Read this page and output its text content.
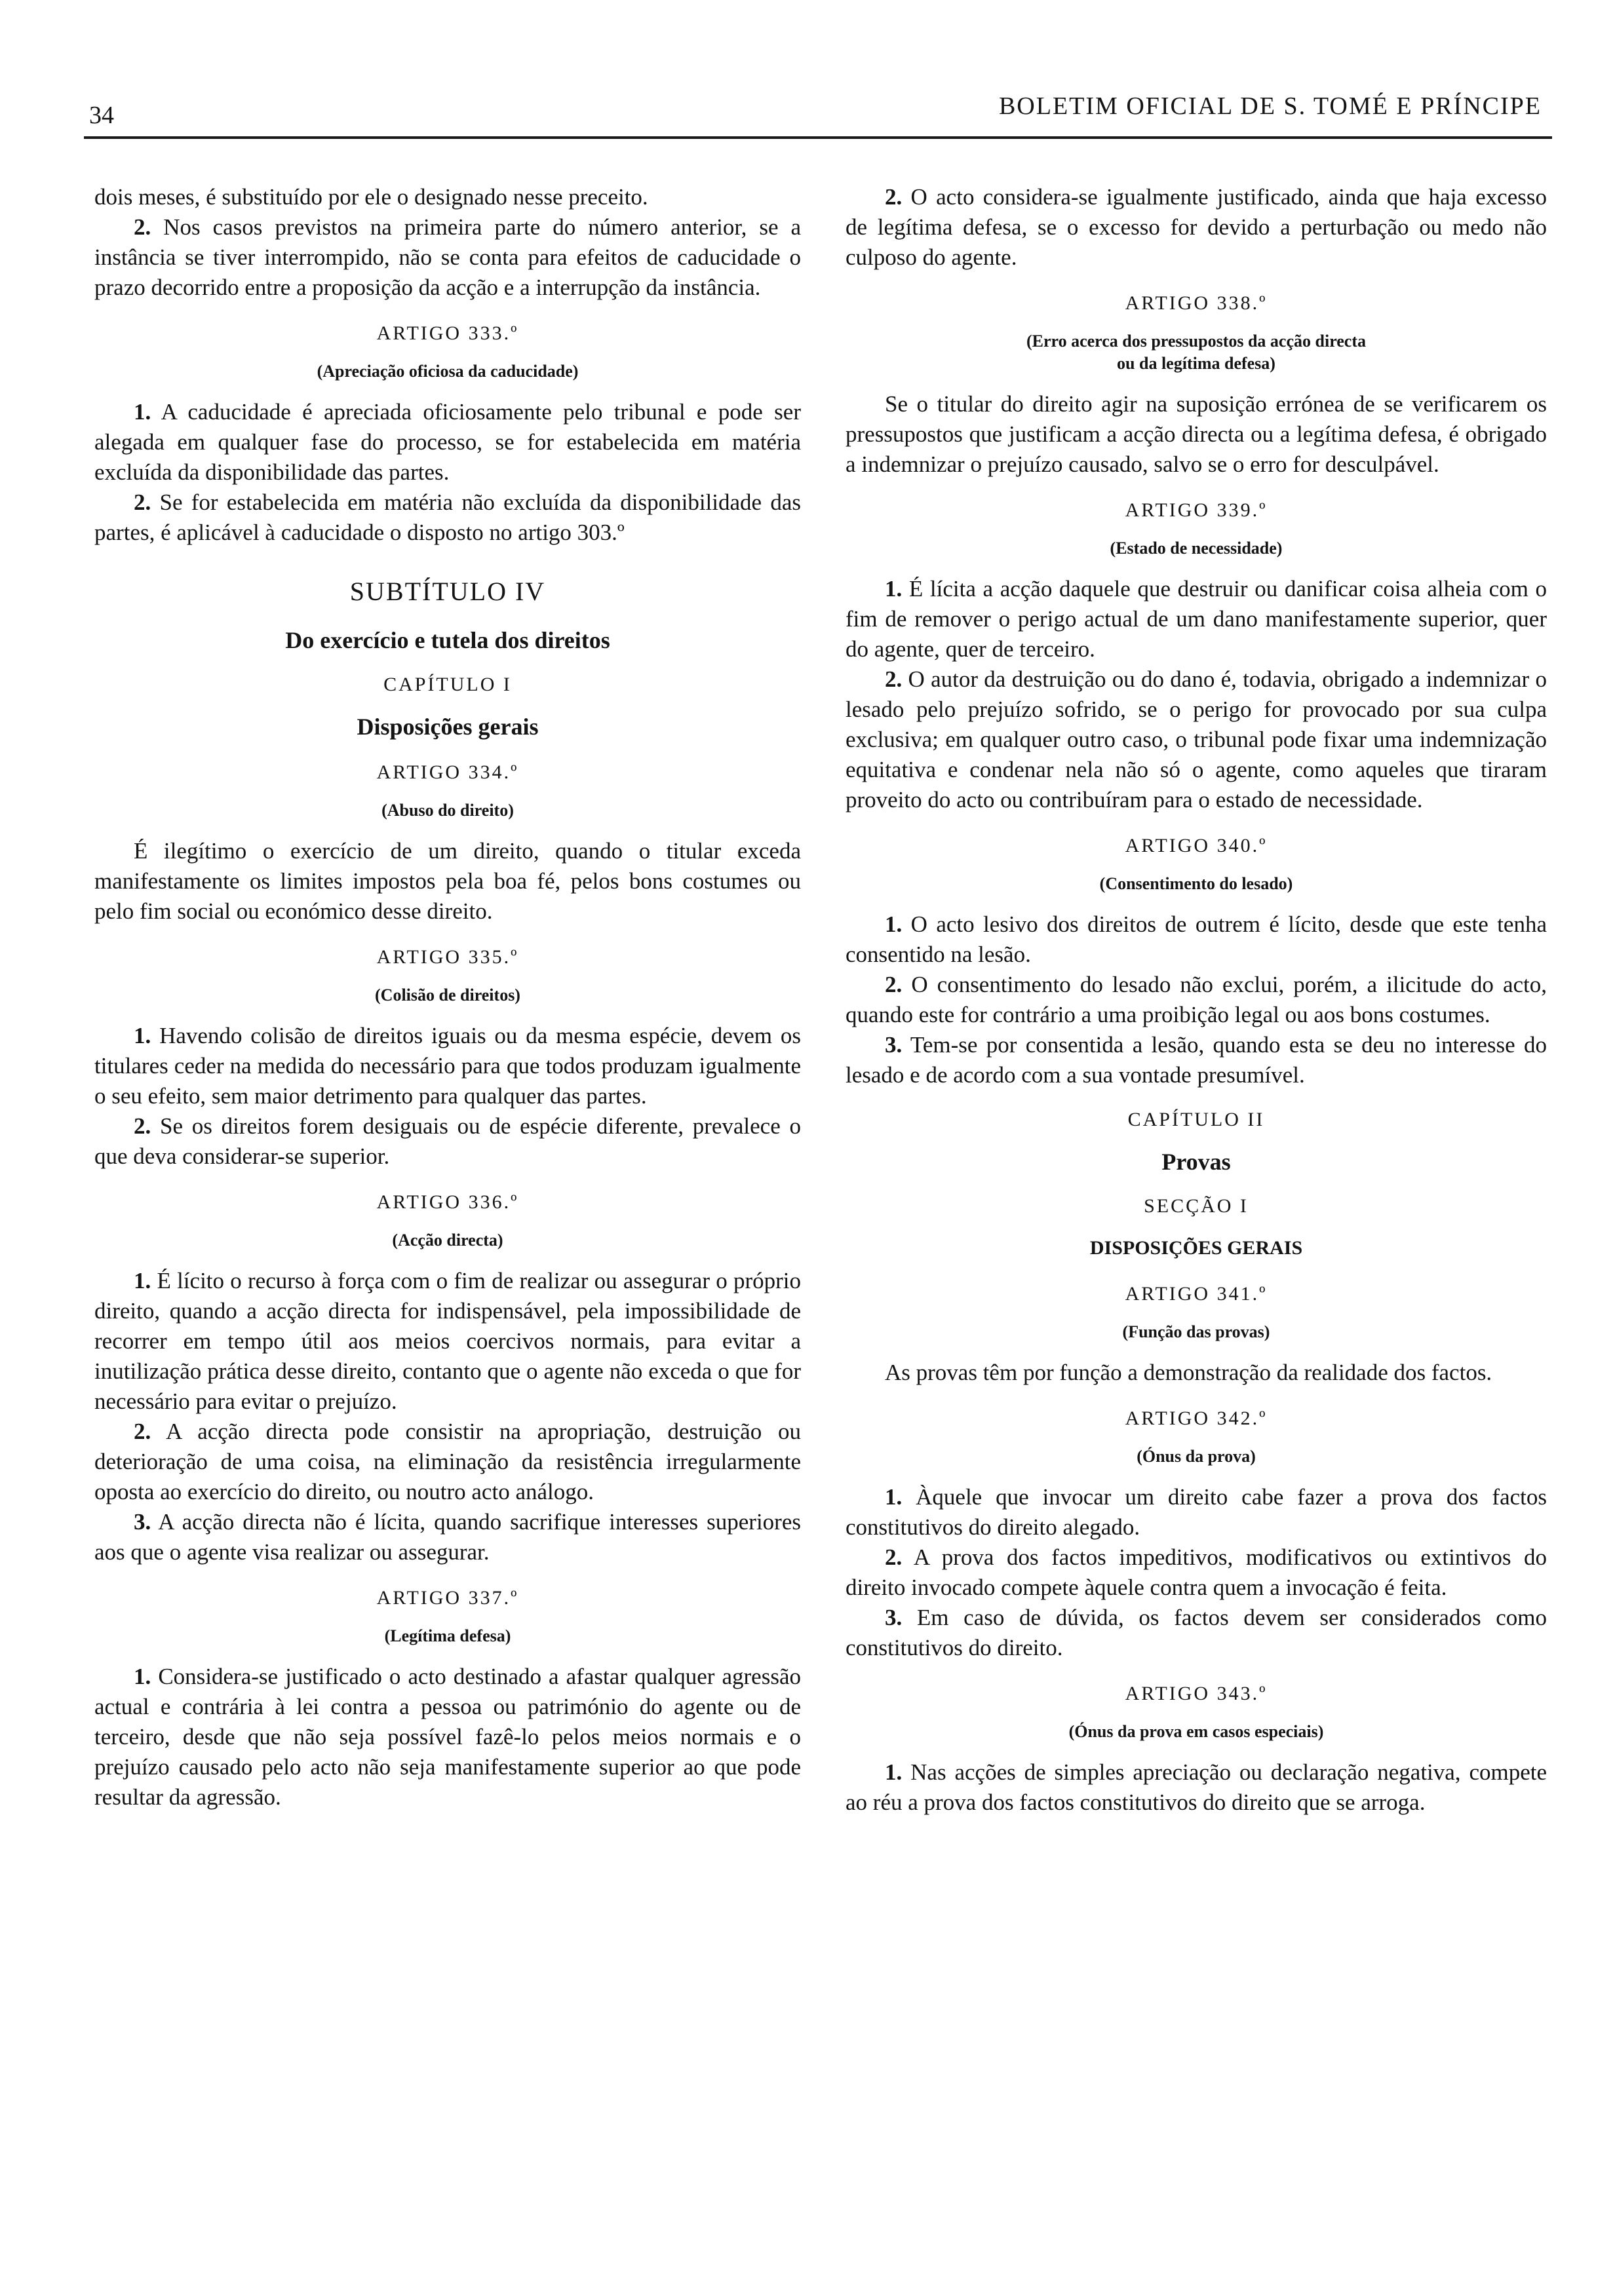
34	BOLETIM OFICIAL DE S. TOMÉ E PRÍNCIPE

dois meses, é substituído por ele o designado nesse preceito.

2. Nos casos previstos na primeira parte do número anterior, se a instância se tiver interrompido, não se conta para efeitos de caducidade o prazo decorrido entre a proposição da acção e a interrupção da instância.

ARTIGO 333.º
(Apreciação oficiosa da caducidade)

1. A caducidade é apreciada oficiosamente pelo tribunal e pode ser alegada em qualquer fase do processo, se for estabelecida em matéria excluída da disponibilidade das partes.

2. Se for estabelecida em matéria não excluída da disponibilidade das partes, é aplicável à caducidade o disposto no artigo 303.º

SUBTÍTULO IV
Do exercício e tutela dos direitos
CAPÍTULO I
Disposições gerais
ARTIGO 334.º
(Abuso do direito)

É ilegítimo o exercício de um direito, quando o titular exceda manifestamente os limites impostos pela boa fé, pelos bons costumes ou pelo fim social ou económico desse direito.

ARTIGO 335.º
(Colisão de direitos)

1. Havendo colisão de direitos iguais ou da mesma espécie, devem os titulares ceder na medida do necessário para que todos produzam igualmente o seu efeito, sem maior detrimento para qualquer das partes.

2. Se os direitos forem desiguais ou de espécie diferente, prevalece o que deva considerar-se superior.

ARTIGO 336.º
(Acção directa)

1. É lícito o recurso à força com o fim de realizar ou assegurar o próprio direito, quando a acção directa for indispensável, pela impossibilidade de recorrer em tempo útil aos meios coercivos normais, para evitar a inutilização prática desse direito, contanto que o agente não exceda o que for necessário para evitar o prejuízo.

2. A acção directa pode consistir na apropriação, destruição ou deterioração de uma coisa, na eliminação da resistência irregularmente oposta ao exercício do direito, ou noutro acto análogo.

3. A acção directa não é lícita, quando sacrifique interesses superiores aos que o agente visa realizar ou assegurar.

ARTIGO 337.º
(Legítima defesa)

1. Considera-se justificado o acto destinado a afastar qualquer agressão actual e contrária à lei contra a pessoa ou património do agente ou de terceiro, desde que não seja possível fazê-lo pelos meios normais e o prejuízo causado pelo acto não seja manifestamente superior ao que pode resultar da agressão.

2. O acto considera-se igualmente justificado, ainda que haja excesso de legítima defesa, se o excesso for devido a perturbação ou medo não culposo do agente.

ARTIGO 338.º
(Erro acerca dos pressupostos da acção directa
ou da legítima defesa)

Se o titular do direito agir na suposição errónea de se verificarem os pressupostos que justificam a acção directa ou a legítima defesa, é obrigado a indemnizar o prejuízo causado, salvo se o erro for desculpável.

ARTIGO 339.º
(Estado de necessidade)

1. É lícita a acção daquele que destruir ou danificar coisa alheia com o fim de remover o perigo actual de um dano manifestamente superior, quer do agente, quer de terceiro.

2. O autor da destruição ou do dano é, todavia, obrigado a indemnizar o lesado pelo prejuízo sofrido, se o perigo for provocado por sua culpa exclusiva; em qualquer outro caso, o tribunal pode fixar uma indemnização equitativa e condenar nela não só o agente, como aqueles que tiraram proveito do acto ou contribuíram para o estado de necessidade.

ARTIGO 340.º
(Consentimento do lesado)

1. O acto lesivo dos direitos de outrem é lícito, desde que este tenha consentido na lesão.

2. O consentimento do lesado não exclui, porém, a ilicitude do acto, quando este for contrário a uma proibição legal ou aos bons costumes.

3. Tem-se por consentida a lesão, quando esta se deu no interesse do lesado e de acordo com a sua vontade presumível.

CAPÍTULO II
Provas
SECÇÃO I
DISPOSIÇÕES GERAIS
ARTIGO 341.º
(Função das provas)

As provas têm por função a demonstração da realidade dos factos.

ARTIGO 342.º
(Ónus da prova)

1. Àquele que invocar um direito cabe fazer a prova dos factos constitutivos do direito alegado.

2. A prova dos factos impeditivos, modificativos ou extintivos do direito invocado compete àquele contra quem a invocação é feita.

3. Em caso de dúvida, os factos devem ser considerados como constitutivos do direito.

ARTIGO 343.º
(Ónus da prova em casos especiais)

1. Nas acções de simples apreciação ou declaração negativa, compete ao réu a prova dos factos constitutivos do direito que se arroga.
